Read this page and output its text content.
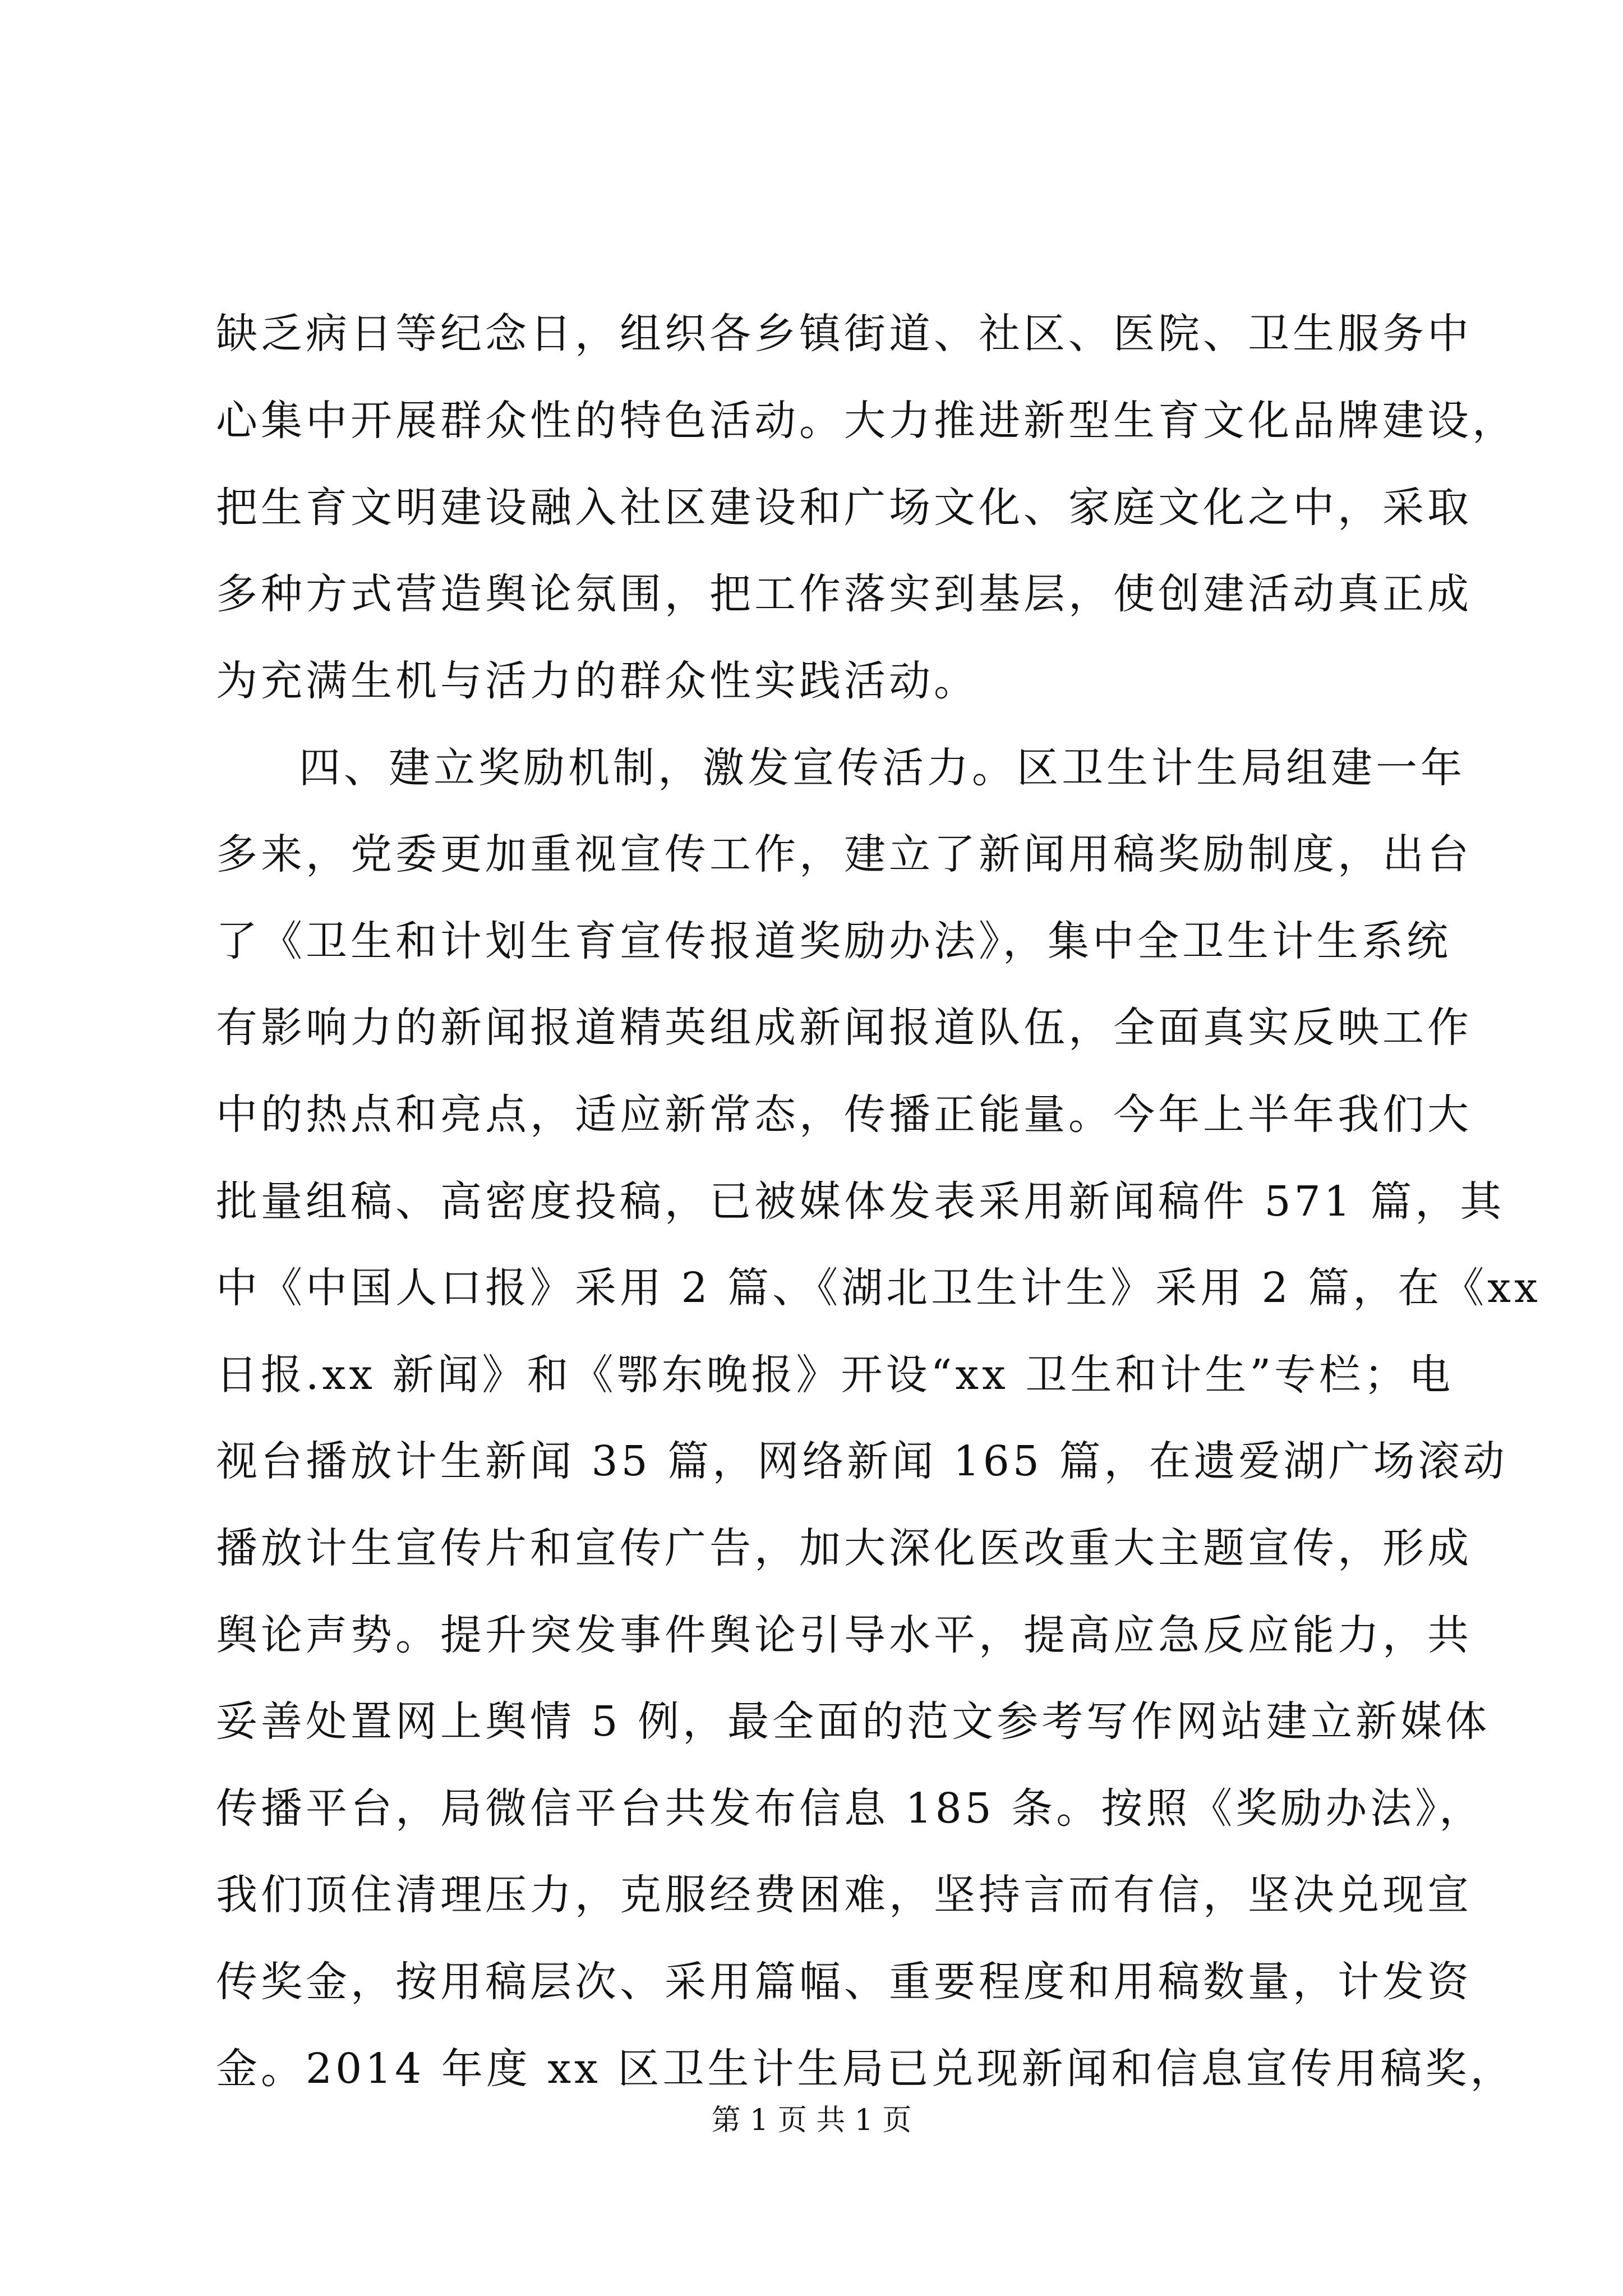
缺乏病日等纪念日，组织各乡镇街道、社区、医院、卫生服务中
心集中开展群众性的特色活动。大力推进新型生育文化品牌建设，
把生育文明建设融入社区建设和广场文化、家庭文化之中，采取
多种方式营造舆论氛围，把工作落实到基层，使创建活动真正成
为充满生机与活力的群众性实践活动。
四、建立奖励机制，激发宣传活力。区卫生计生局组建一年
多来，党委更加重视宣传工作，建立了新闻用稿奖励制度，出台
了《卫生和计划生育宣传报道奖励办法》，集中全卫生计生系统
有影响力的新闻报道精英组成新闻报道队伍，全面真实反映工作
中的热点和亮点，适应新常态，传播正能量。今年上半年我们大
批量组稿、高密度投稿，已被媒体发表采用新闻稿件 571 篇，其
中《中国人口报》采用 2 篇、《湖北卫生计生》采用 2 篇，在《xx
日报.xx 新闻》和《鄂东晚报》开设“xx 卫生和计生”专栏；电
视台播放计生新闻 35 篇，网络新闻 165 篇，在遗爱湖广场滚动
播放计生宣传片和宣传广告，加大深化医改重大主题宣传，形成
舆论声势。提升突发事件舆论引导水平，提高应急反应能力，共
妥善处置网上舆情 5 例，最全面的范文参考写作网站建立新媒体
传播平台，局微信平台共发布信息 185 条。按照《奖励办法》，
我们顶住清理压力，克服经费困难，坚持言而有信，坚决兑现宣
传奖金，按用稿层次、采用篇幅、重要程度和用稿数量，计发资
金。2014 年度 xx 区卫生计生局已兑现新闻和信息宣传用稿奖，
第 1 页 共 1 页
